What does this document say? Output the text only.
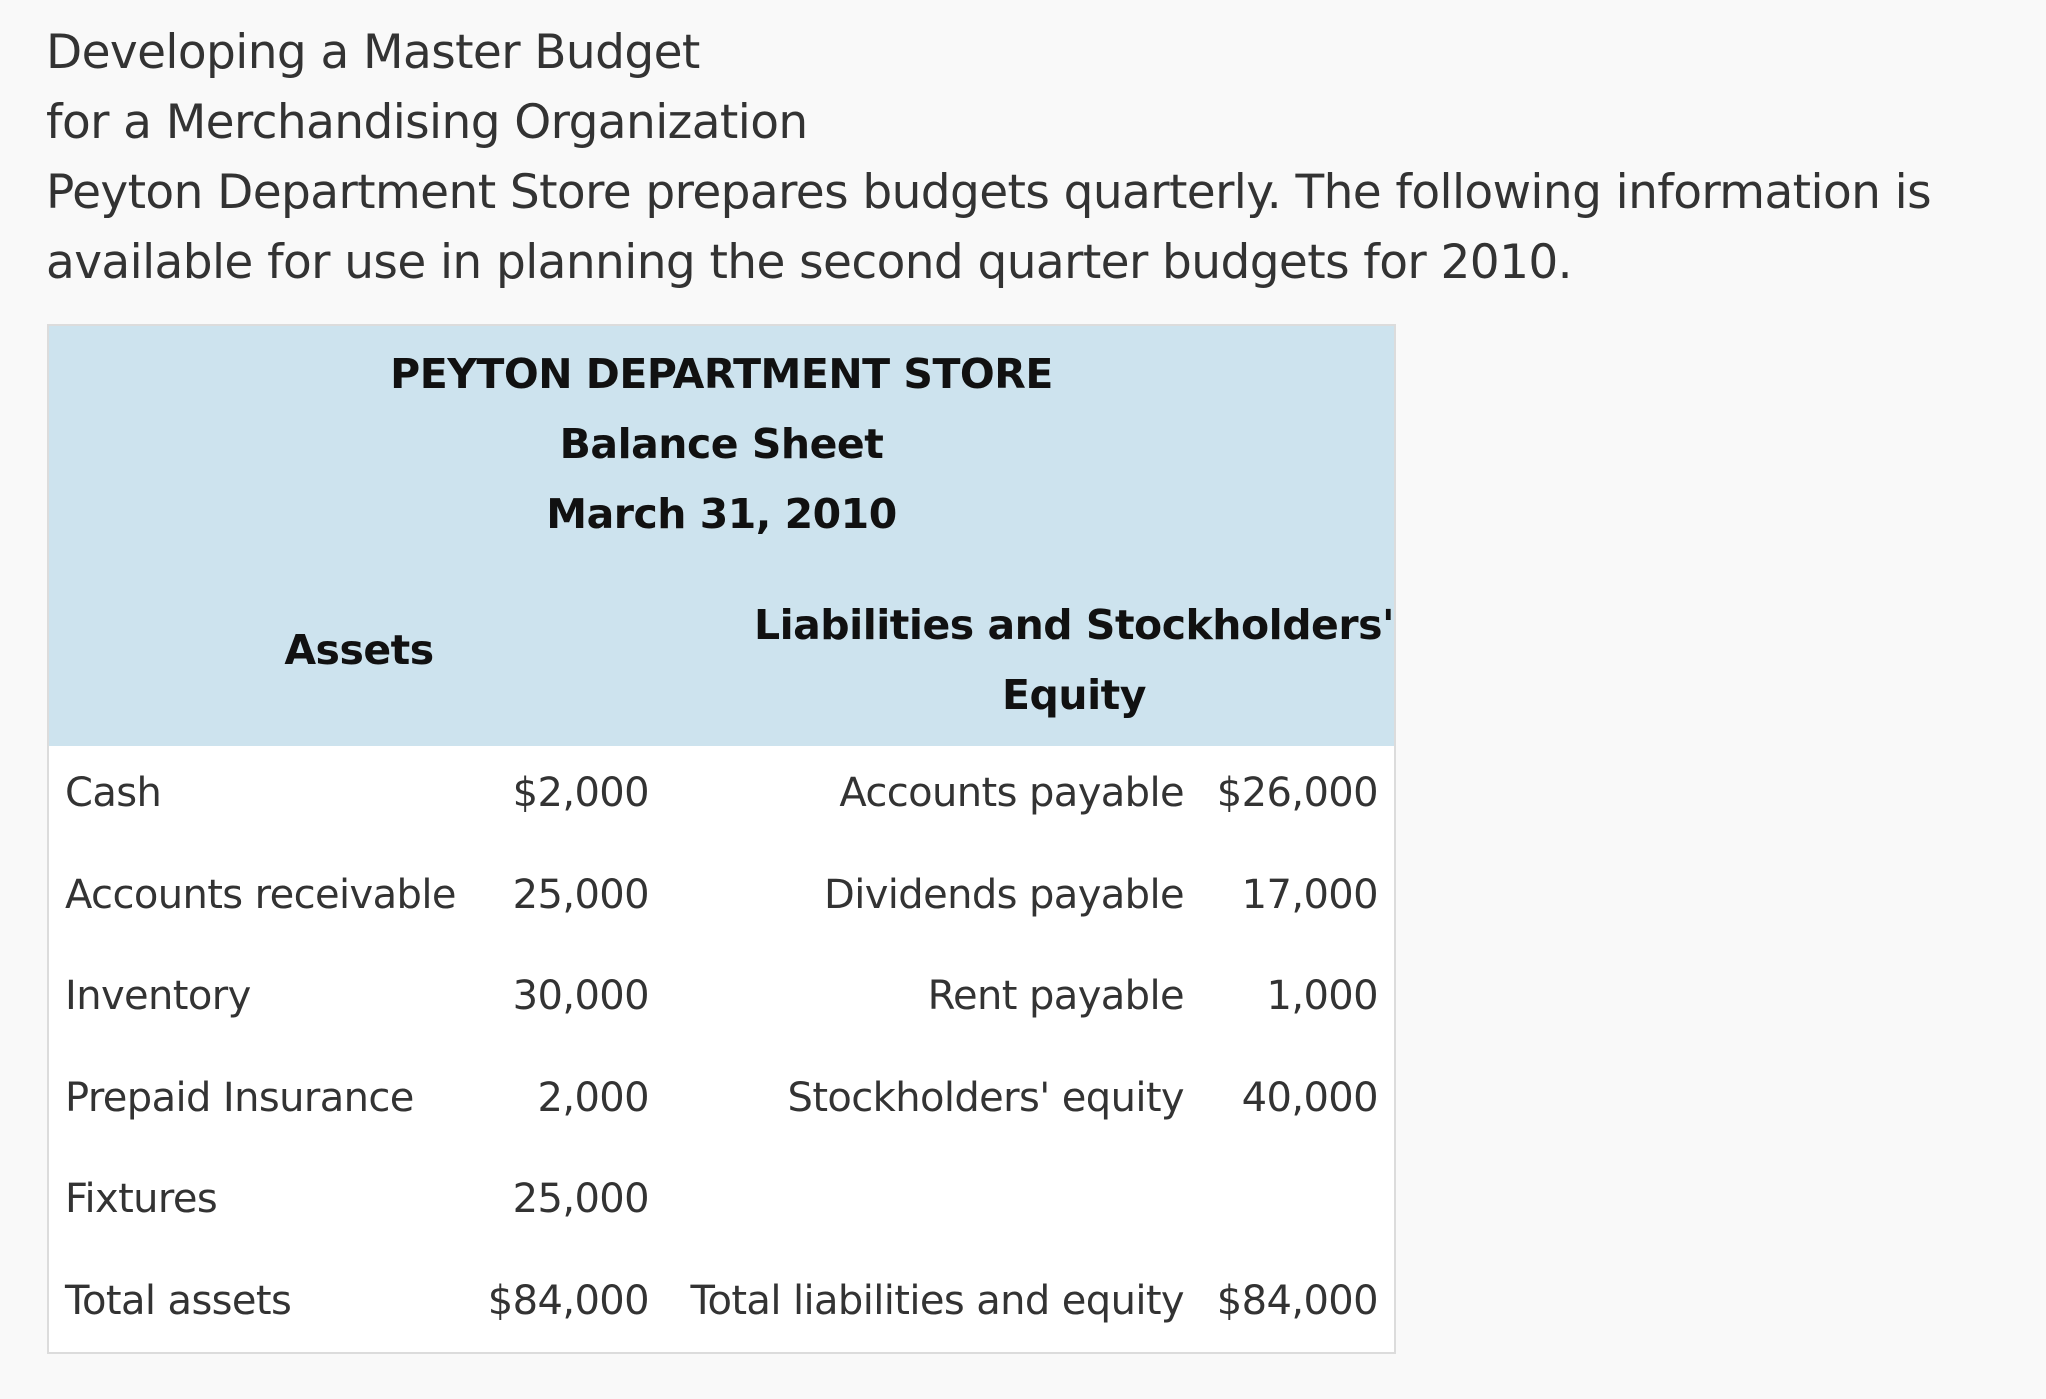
Developing a Master Budget

for a Merchandising Organization

Peyton Department Store prepares budgets quarterly. The following information is

available for use in planning the second quarter budgets for 2010.

PEYTON DEPARTMENT STORE
Balance Sheet
March 31, 2010
Assets
Liabilities and Stockholders'
Equity
Cash	$2,000	Accounts payable $26,000
Accounts receivable 25,000	Dividends payable 17,000
Inventory	30,000	Rent payable 1,000
Prepaid Insurance	2,000	Stockholders' equity 40,000
Fixtures	25,000
Total assets	$84,000 Total liabilities and equity $84,000
